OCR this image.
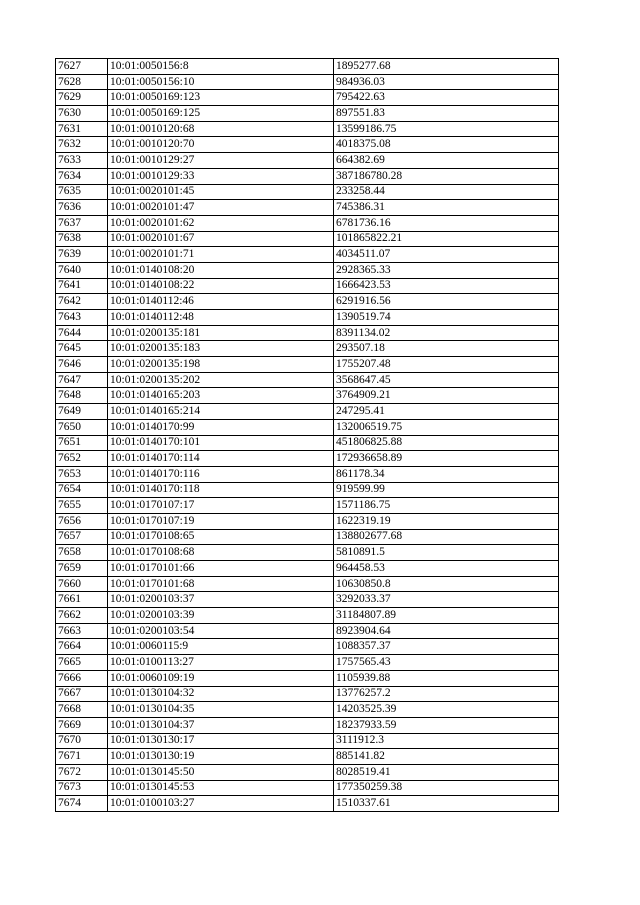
7627	10:01:0050156:8	1895277.68
7628	10:01:0050156:10	984936.03
7629	10:01:0050169:123	795422.63
7630	10:01:0050169:125	897551.83
7631	10:01:0010120:68	13599186.75
7632	10:01:0010120:70	4018375.08
7633	10:01:0010129:27	664382.69
7634	10:01:0010129:33	387186780.28
7635	10:01:0020101:45	233258.44
7636	10:01:0020101:47	745386.31
7637	10:01:0020101:62	6781736.16
7638	10:01:0020101:67	101865822.21
7639	10:01:0020101:71	4034511.07
7640	10:01:0140108:20	2928365.33
7641	10:01:0140108:22	1666423.53
7642	10:01:0140112:46	6291916.56
7643	10:01:0140112:48	1390519.74
7644	10:01:0200135:181	8391134.02
7645	10:01:0200135:183	293507.18
7646	10:01:0200135:198	1755207.48
7647	10:01:0200135:202	3568647.45
7648	10:01:0140165:203	3764909.21
7649	10:01:0140165:214	247295.41
7650	10:01:0140170:99	132006519.75
7651	10:01:0140170:101	451806825.88
7652	10:01:0140170:114	172936658.89
7653	10:01:0140170:116	861178.34
7654	10:01:0140170:118	919599.99
7655	10:01:0170107:17	1571186.75
7656	10:01:0170107:19	1622319.19
7657	10:01:0170108:65	138802677.68
7658	10:01:0170108:68	5810891.5
7659	10:01:0170101:66	964458.53
7660	10:01:0170101:68	10630850.8
7661	10:01:0200103:37	3292033.37
7662	10:01:0200103:39	31184807.89
7663	10:01:0200103:54	8923904.64
7664	10:01:0060115:9	1088357.37
7665	10:01:0100113:27	1757565.43
7666	10:01:0060109:19	1105939.88
7667	10:01:0130104:32	13776257.2
7668	10:01:0130104:35	14203525.39
7669	10:01:0130104:37	18237933.59
7670	10:01:0130130:17	3111912.3
7671	10:01:0130130:19	885141.82
7672	10:01:0130145:50	8028519.41
7673	10:01:0130145:53	177350259.38
7674	10:01:0100103:27	1510337.61
